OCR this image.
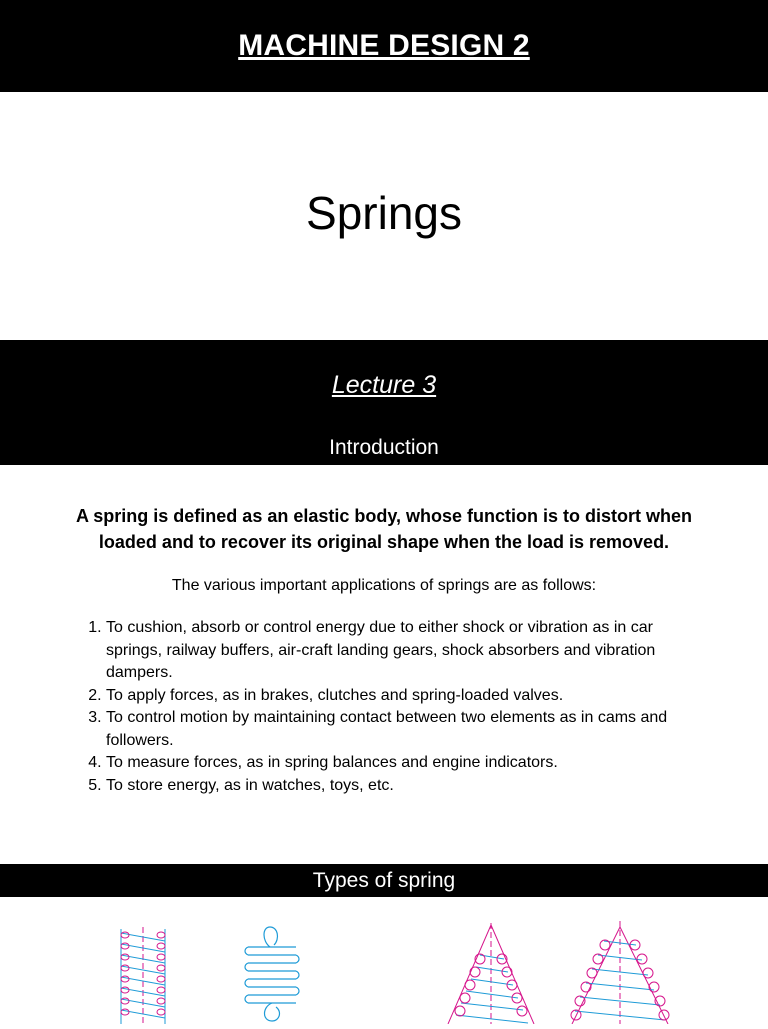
MACHINE DESIGN 2
Springs
Lecture 3
Introduction
A spring is defined as an elastic body, whose function is to distort when loaded and to recover its original shape when the load is removed.
The various important applications of springs are as follows:
1. To cushion, absorb or control energy due to either shock or vibration as in car springs, railway buffers, air-craft landing gears, shock absorbers and vibration dampers.
2. To apply forces, as in brakes, clutches and spring-loaded valves.
3. To control motion by maintaining contact between two elements as in cams and followers.
4. To measure forces, as in spring balances and engine indicators.
5. To store energy, as in watches, toys, etc.
Types of spring
